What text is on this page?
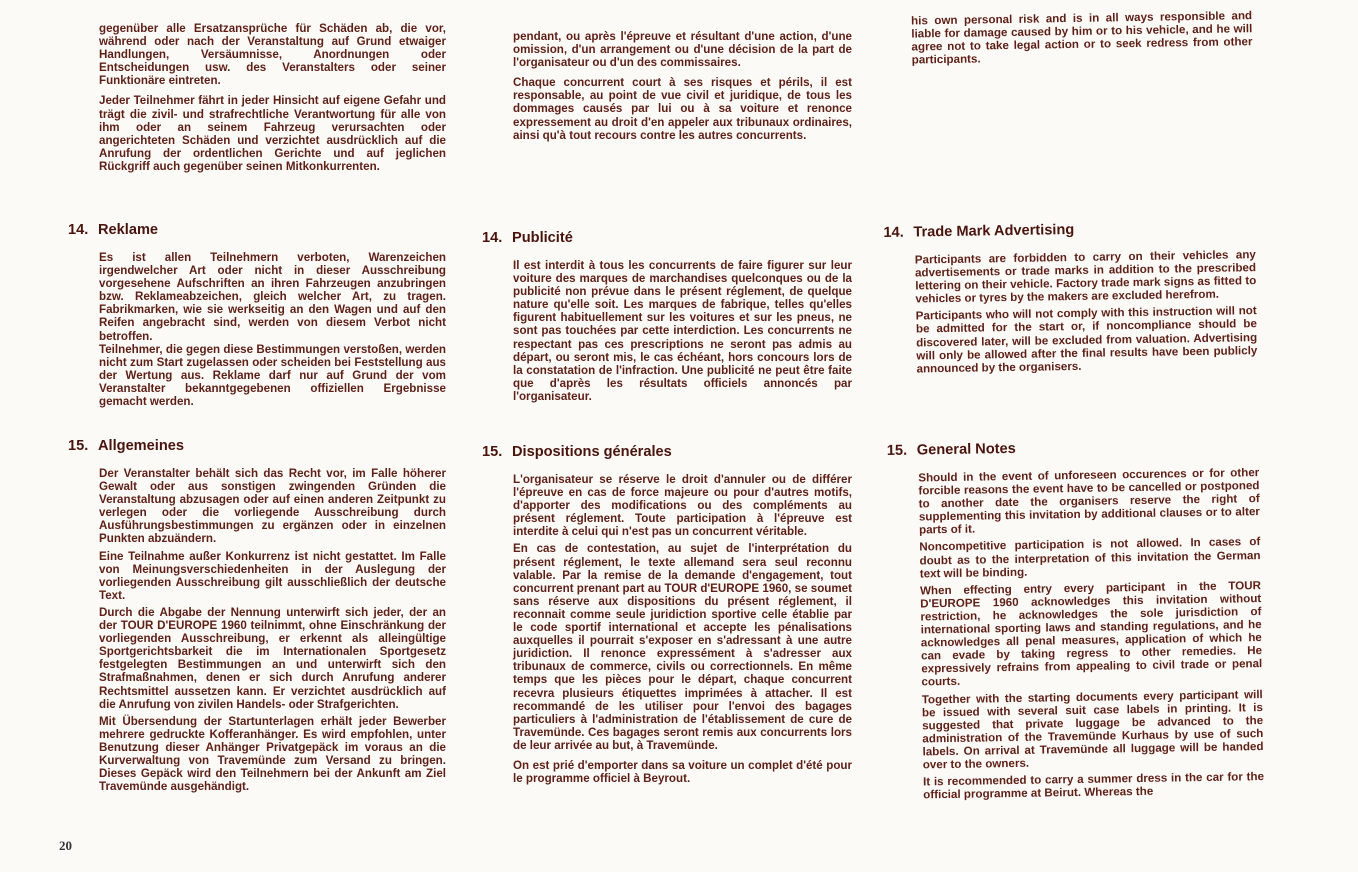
gegenüber alle Ersatzansprüche für Schäden ab, die vor, während oder nach der Veranstaltung auf Grund etwaiger Handlungen, Versäumnisse, Anordnungen oder Entscheidungen usw. des Veranstalters oder seiner Funktionäre eintreten.

Jeder Teilnehmer fährt in jeder Hinsicht auf eigene Gefahr und trägt die zivil- und strafrechtliche Verantwortung für alle von ihm oder an seinem Fahrzeug verursachten oder angerichteten Schäden und verzichtet ausdrücklich auf die Anrufung der ordentlichen Gerichte und auf jeglichen Rückgriff auch gegenüber seinen Mitkonkurrenten.

14. Reklame

Es ist allen Teilnehmern verboten, Warenzeichen irgendwelcher Art oder nicht in dieser Ausschreibung vorgesehene Aufschriften an ihren Fahrzeugen anzubringen bzw. Reklameabzeichen, gleich welcher Art, zu tragen. Fabrikmarken, wie sie werkseitig an den Wagen und auf den Reifen angebracht sind, werden von diesem Verbot nicht betroffen.

Teilnehmer, die gegen diese Bestimmungen verstoßen, werden nicht zum Start zugelassen oder scheiden bei Feststellung aus der Wertung aus. Reklame darf nur auf Grund der vom Veranstalter bekanntgegebenen offiziellen Ergebnisse gemacht werden.

15. Allgemeines

Der Veranstalter behält sich das Recht vor, im Falle höherer Gewalt oder aus sonstigen zwingenden Gründen die Veranstaltung abzusagen oder auf einen anderen Zeitpunkt zu verlegen oder die vorliegende Ausschreibung durch Ausführungsbestimmungen zu ergänzen oder in einzelnen Punkten abzuändern.

Eine Teilnahme außer Konkurrenz ist nicht gestattet. Im Falle von Meinungsverschiedenheiten in der Auslegung der vorliegenden Ausschreibung gilt ausschließlich der deutsche Text.

Durch die Abgabe der Nennung unterwirft sich jeder, der an der TOUR D'EUROPE 1960 teilnimmt, ohne Einschränkung der vorliegenden Ausschreibung, er erkennt als alleingültige Sportgerichtsbarkeit die im Internationalen Sportgesetz festgelegten Bestimmungen an und unterwirft sich den Strafmaßnahmen, denen er sich durch Anrufung anderer Rechtsmittel aussetzen kann. Er verzichtet ausdrücklich auf die Anrufung von zivilen Handels- oder Strafgerichten.

Mit Übersendung der Startunterlagen erhält jeder Bewerber mehrere gedruckte Kofferanhänger. Es wird empfohlen, unter Benutzung dieser Anhänger Privatgepäck im voraus an die Kurverwaltung von Travemünde zum Versand zu bringen. Dieses Gepäck wird den Teilnehmern bei der Ankunft am Ziel Travemünde ausgehändigt.

pendant, ou après l'épreuve et résultant d'une action, d'une omission, d'un arrangement ou d'une décision de la part de l'organisateur ou d'un des commissaires.

Chaque concurrent court à ses risques et périls, il est responsable, au point de vue civil et juridique, de tous les dommages causés par lui ou à sa voiture et renonce expressement au droit d'en appeler aux tribunaux ordinaires, ainsi qu'à tout recours contre les autres concurrents.

14. Publicité

Il est interdit à tous les concurrents de faire figurer sur leur voiture des marques de marchandises quelconques ou de la publicité non prévue dans le présent réglement, de quelque nature qu'elle soit. Les marques de fabrique, telles qu'elles figurent habituellement sur les voitures et sur les pneus, ne sont pas touchées par cette interdiction. Les concurrents ne respectant pas ces prescriptions ne seront pas admis au départ, ou seront mis, le cas échéant, hors concours lors de la constatation de l'infraction. Une publicité ne peut être faite que d'après les résultats officiels annoncés par l'organisateur.

15. Dispositions générales

L'organisateur se réserve le droit d'annuler ou de différer l'épreuve en cas de force majeure ou pour d'autres motifs, d'apporter des modifications ou des compléments au présent réglement. Toute participation à l'épreuve est interdite à celui qui n'est pas un concurrent véritable.

En cas de contestation, au sujet de l'interprétation du présent réglement, le texte allemand sera seul reconnu valable. Par la remise de la demande d'engagement, tout concurrent prenant part au TOUR d'EUROPE 1960, se soumet sans réserve aux dispositions du présent réglement, il reconnait comme seule juridiction sportive celle établie par le code sportif international et accepte les pénalisations auxquelles il pourrait s'exposer en s'adressant à une autre juridiction. Il renonce expressément à s'adresser aux tribunaux de commerce, civils ou correctionnels. En même temps que les pièces pour le départ, chaque concurrent recevra plusieurs étiquettes imprimées à attacher. Il est recommandé de les utiliser pour l'envoi des bagages particuliers à l'administration de l'établissement de cure de Travemünde. Ces bagages seront remis aux concurrents lors de leur arrivée au but, à Travemünde.

On est prié d'emporter dans sa voiture un complet d'été pour le programme officiel à Beyrout.

his own personal risk and is in all ways responsible and liable for damage caused by him or to his vehicle, and he will agree not to take legal action or to seek redress from other participants.

14. Trade Mark Advertising

Participants are forbidden to carry on their vehicles any advertisements or trade marks in addition to the prescribed lettering on their vehicle. Factory trade mark signs as fitted to vehicles or tyres by the makers are excluded herefrom.

Participants who will not comply with this instruction will not be admitted for the start or, if noncompliance should be discovered later, will be excluded from valuation. Advertising will only be allowed after the final results have been publicly announced by the organisers.

15. General Notes

Should in the event of unforeseen occurences or for other forcible reasons the event have to be cancelled or postponed to another date the organisers reserve the right of supplementing this invitation by additional clauses or to alter parts of it.

Noncompetitive participation is not allowed. In cases of doubt as to the interpretation of this invitation the German text will be binding.

When effecting entry every participant in the TOUR D'EUROPE 1960 acknowledges this invitation without restriction, he acknowledges the sole jurisdiction of international sporting laws and standing regulations, and he acknowledges all penal measures, application of which he can evade by taking regress to other remedies. He expressively refrains from appealing to civil trade or penal courts.

Together with the starting documents every participant will be issued with several suit case labels in printing. It is suggested that private luggage be advanced to the administration of the Travemünde Kurhaus by use of such labels. On arrival at Travemünde all luggage will be handed over to the owners.

It is recommended to carry a summer dress in the car for the official programme at Beirut. Whereas the

20
